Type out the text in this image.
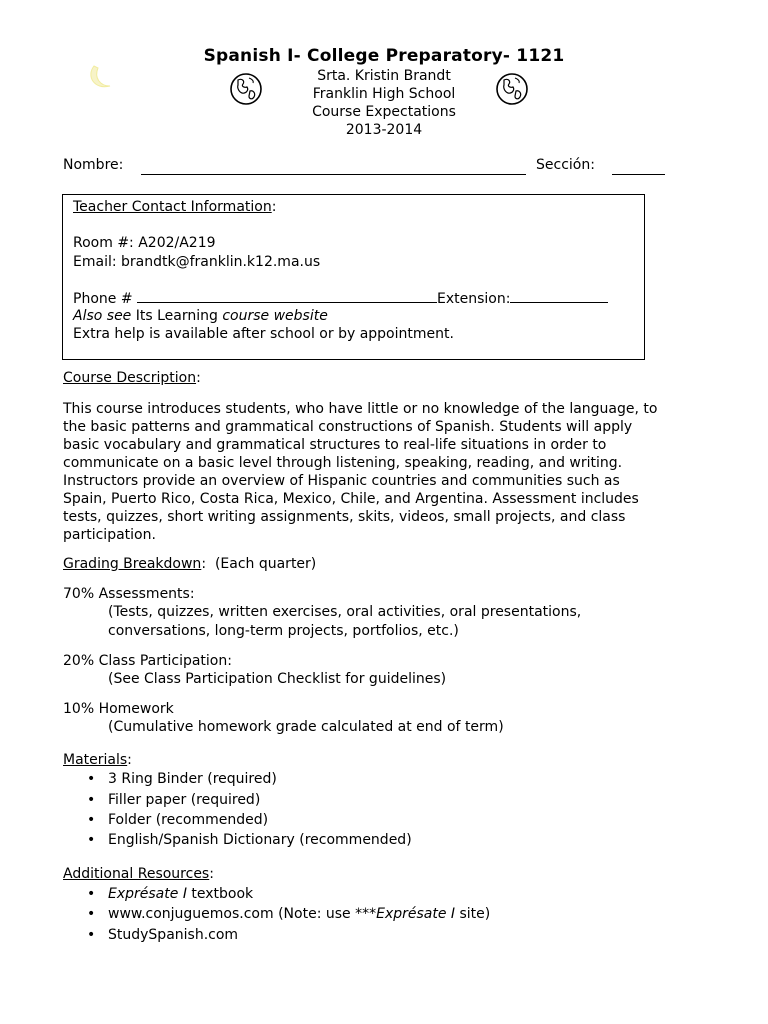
Spanish I- College Preparatory- 1121
Srta. Kristin Brandt
Franklin High School
Course Expectations
2013-2014
Nombre:	Sección:
Teacher Contact Information:
Room #: A202/A219
Email: brandtk@franklin.k12.ma.us
Phone #	Extension:
Also see Its Learning course website
Extra help is available after school or by appointment.
Course Description:
This course introduces students, who have little or no knowledge of the language, to
the basic patterns and grammatical constructions of Spanish. Students will apply
basic vocabulary and grammatical structures to real-life situations in order to
communicate on a basic level through listening, speaking, reading, and writing.
Instructors provide an overview of Hispanic countries and communities such as
Spain, Puerto Rico, Costa Rica, Mexico, Chile, and Argentina. Assessment includes
tests, quizzes, short writing assignments, skits, videos, small projects, and class
participation.
Grading Breakdown:  (Each quarter)
70% Assessments:
(Tests, quizzes, written exercises, oral activities, oral presentations,
conversations, long-term projects, portfolios, etc.)
20% Class Participation:
(See Class Participation Checklist for guidelines)
10% Homework
(Cumulative homework grade calculated at end of term)
Materials:
• 3 Ring Binder (required)
• Filler paper (required)
• Folder (recommended)
• English/Spanish Dictionary (recommended)
Additional Resources:
• Exprésate I textbook
• www.conjuguemos.com (Note: use ***Exprésate I site)
• StudySpanish.com
